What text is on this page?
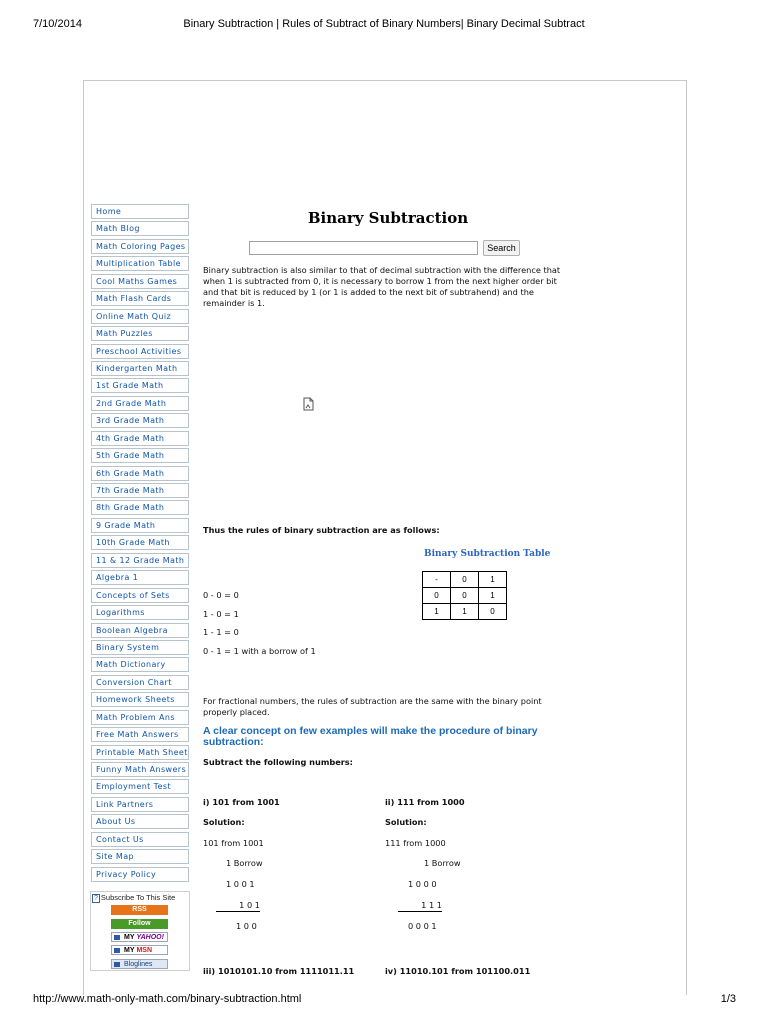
7/10/2014	Binary Subtraction | Rules of Subtract of Binary Numbers| Binary Decimal Subtract
Home
Math Blog
Math Coloring Pages
Multiplication Table
Cool Maths Games
Math Flash Cards
Online Math Quiz
Math Puzzles
Preschool Activities
Kindergarten Math
1st Grade Math
2nd Grade Math
3rd Grade Math
4th Grade Math
5th Grade Math
6th Grade Math
7th Grade Math
8th Grade Math
9 Grade Math
10th Grade Math
11 & 12 Grade Math
Algebra 1
Concepts of Sets
Logarithms
Boolean Algebra
Binary System
Math Dictionary
Conversion Chart
Homework Sheets
Math Problem Ans
Free Math Answers
Printable Math Sheet
Funny Math Answers
Employment Test
Link Partners
About Us
Contact Us
Site Map
Privacy Policy
? Subscribe To This Site
RSS
Follow
MY YAHOO!
MY MSN
Bloglines
Binary Subtraction
Search
Binary subtraction is also similar to that of decimal subtraction with the difference that when 1 is subtracted from 0, it is necessary to borrow 1 from the next higher order bit and that bit is reduced by 1 (or 1 is added to the next bit of subtrahend) and the remainder is 1.
Thus the rules of binary subtraction are as follows:
Binary Subtraction Table
-	0	1
0	0	1
1	1	0
0 - 0 = 0
1 - 0 = 1
1 - 1 = 0
0 - 1 = 1 with a borrow of 1
For fractional numbers, the rules of subtraction are the same with the binary point properly placed.
A clear concept on few examples will make the procedure of binary subtraction:
Subtract the following numbers:
i) 101 from 1001
Solution:
101 from 1001
1 Borrow
1 0 0 1
1 0 1
1 0 0
ii) 111 from 1000
Solution:
111 from 1000
1 Borrow
1 0 0 0
1 1 1
0 0 0 1
iii) 1010101.10 from 1111011.11	iv) 11010.101 from 101100.011
http://www.math-only-math.com/binary-subtraction.html	1/3
